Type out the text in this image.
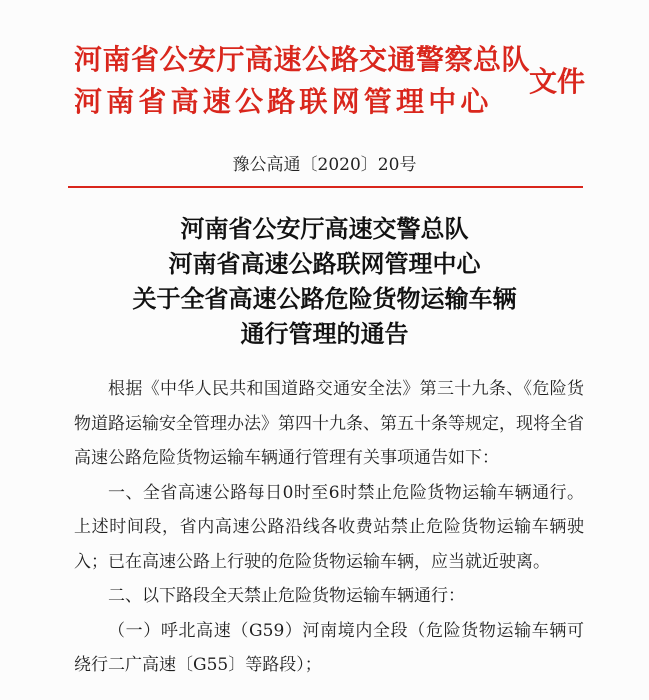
河南省公安厅高速公路交通警察总队
河南省高速公路联网管理中心
文件
豫公高通〔2020〕20号
河南省公安厅高速交警总队
河南省高速公路联网管理中心
关于全省高速公路危险货物运输车辆
通行管理的通告

根据《中华人民共和国道路交通安全法》第三十九条、《危险货物道路运输安全管理办法》第四十九条、第五十条等规定，现将全省高速公路危险货物运输车辆通行管理有关事项通告如下：

一、全省高速公路每日0时至6时禁止危险货物运输车辆通行。上述时间段，省内高速公路沿线各收费站禁止危险货物运输车辆驶入；已在高速公路上行驶的危险货物运输车辆，应当就近驶离。

二、以下路段全天禁止危险货物运输车辆通行：

（一）呼北高速（G59）河南境内全段（危险货物运输车辆可绕行二广高速〔G55〕等路段）；
